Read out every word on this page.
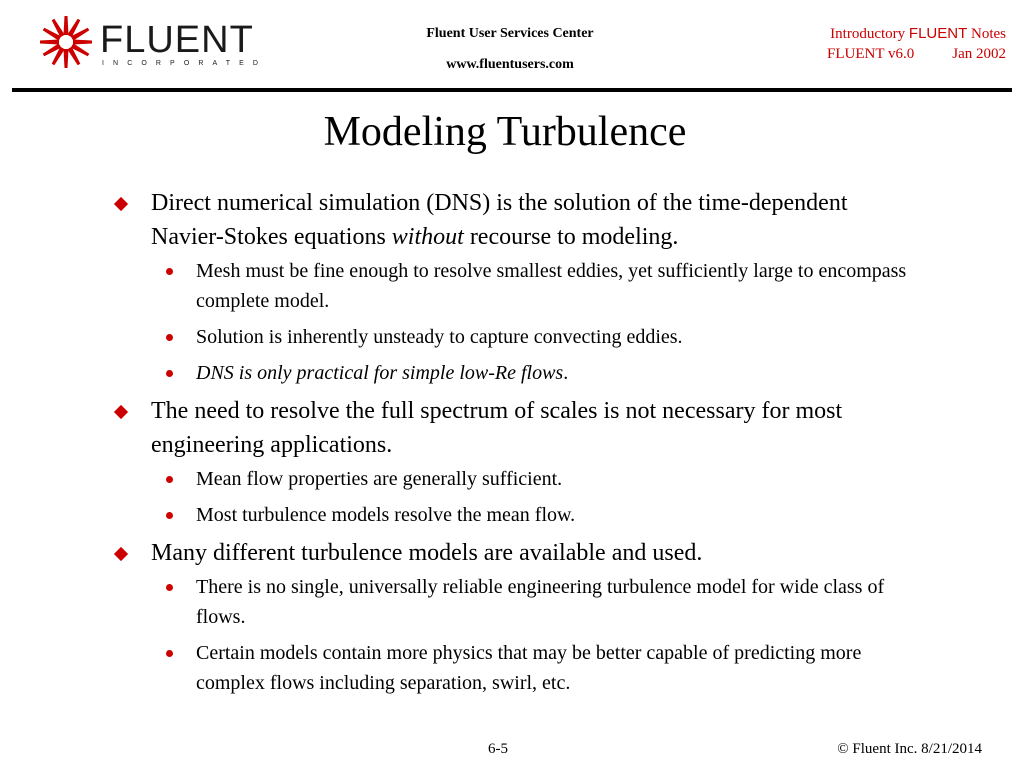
FLUENT
INCORPORATED
Fluent User Services Center
www.fluentusers.com
Introductory FLUENT Notes
FLUENT v6.0	Jan 2002
Modeling Turbulence
Direct numerical simulation (DNS) is the solution of the time-dependent Navier-Stokes equations without recourse to modeling.
Mesh must be fine enough to resolve smallest eddies, yet sufficiently large to encompass complete model.
Solution is inherently unsteady to capture convecting eddies.
DNS is only practical for simple low-Re flows.
The need to resolve the full spectrum of scales is not necessary for most engineering applications.
Mean flow properties are generally sufficient.
Most turbulence models resolve the mean flow.
Many different turbulence models are available and used.
There is no single, universally reliable engineering turbulence model for wide class of flows.
Certain models contain more physics that may be better capable of predicting more complex flows including separation, swirl, etc.
6-5	© Fluent Inc. 8/21/2014
